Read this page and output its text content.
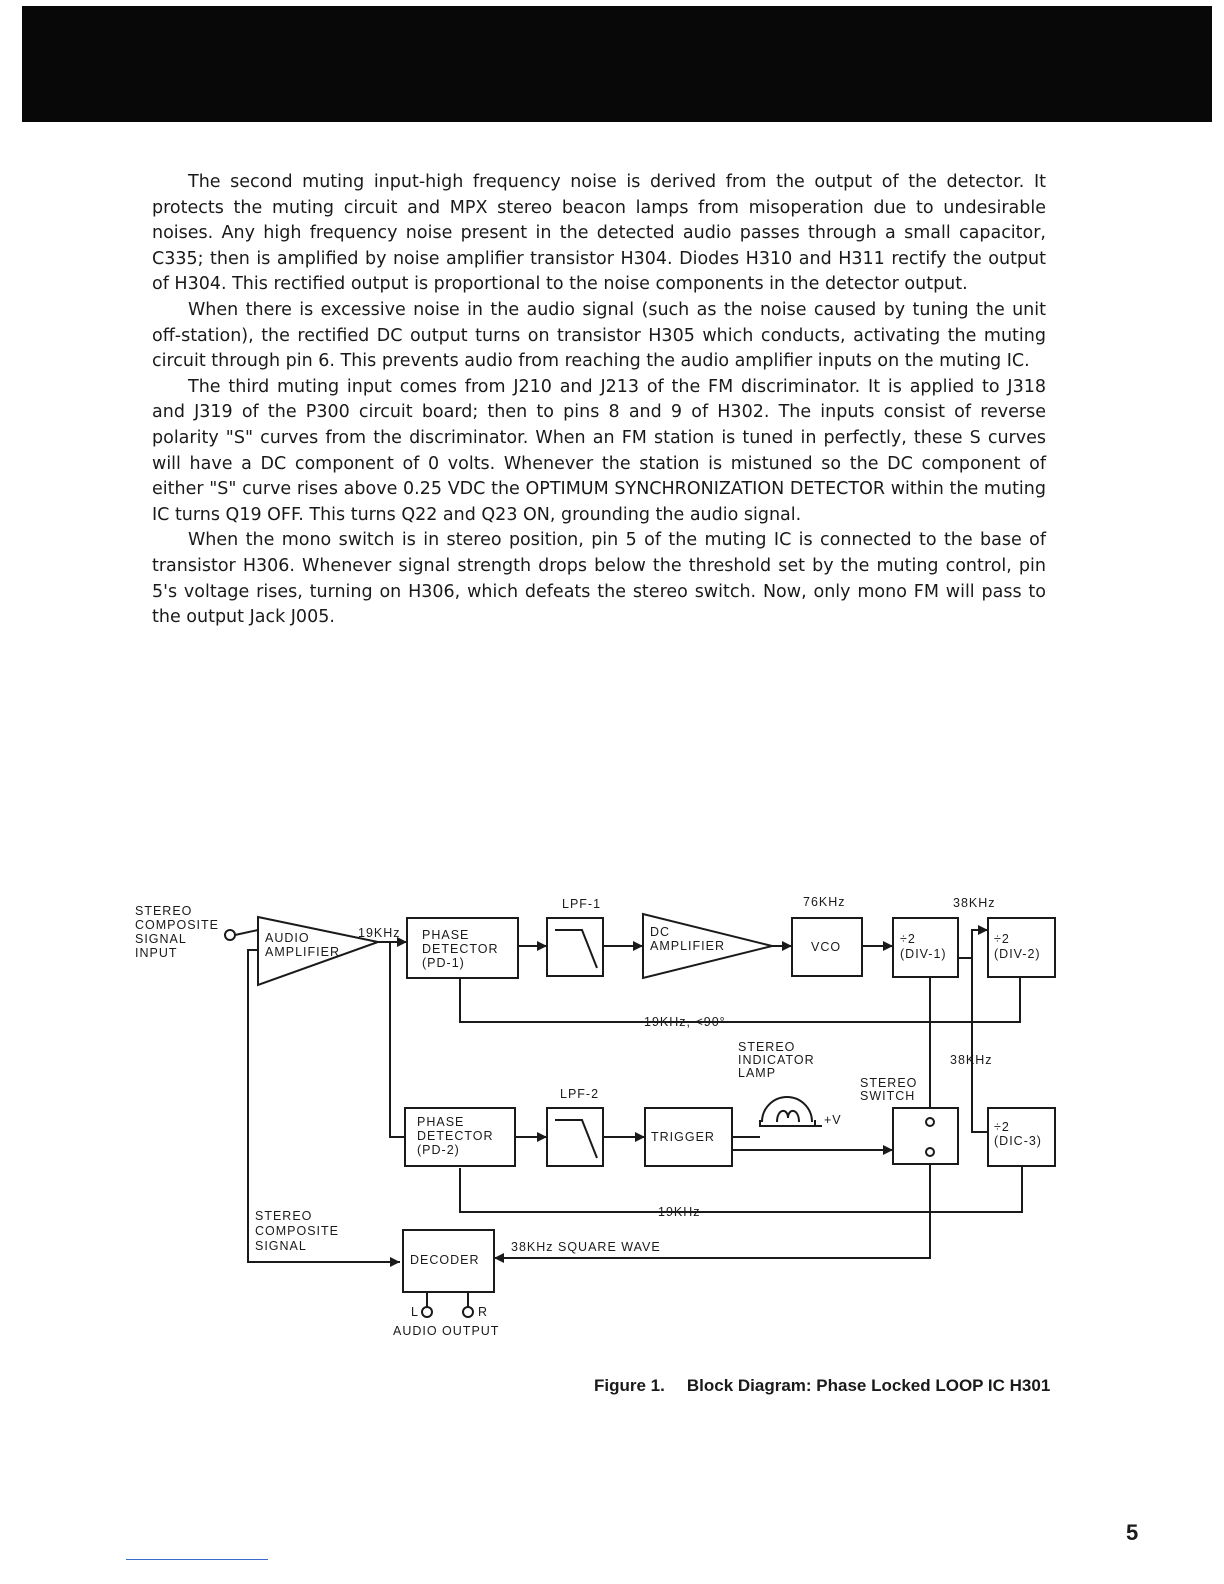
The second muting input-high frequency noise is derived from the output of the detector. It protects the muting circuit and MPX stereo beacon lamps from misoperation due to undesirable noises. Any high frequency noise present in the detected audio passes through a small capacitor, C335; then is amplified by noise amplifier transistor H304. Diodes H310 and H311 rectify the output of H304. This rectified output is proportional to the noise components in the detector output.

When there is excessive noise in the audio signal (such as the noise caused by tuning the unit off-station), the rectified DC output turns on transistor H305 which conducts, activating the muting circuit through pin 6. This prevents audio from reaching the audio amplifier inputs on the muting IC.

The third muting input comes from J210 and J213 of the FM discriminator. It is applied to J318 and J319 of the P300 circuit board; then to pins 8 and 9 of H302. The inputs consist of reverse polarity "S" curves from the discriminator. When an FM station is tuned in perfectly, these S curves will have a DC component of 0 volts. Whenever the station is mistuned so the DC component of either "S" curve rises above 0.25 VDC the OPTIMUM SYNCHRONIZATION DETECTOR within the muting IC turns Q19 OFF. This turns Q22 and Q23 ON, grounding the audio signal.

When the mono switch is in stereo position, pin 5 of the muting IC is connected to the base of transistor H306. Whenever signal strength drops below the threshold set by the muting control, pin 5's voltage rises, turning on H306, which defeats the stereo switch. Now, only mono FM will pass to the output Jack J005.

STEREO
COMPOSITE
SIGNAL
INPUT
AUDIO
AMPLIFIER
19KHz PHASE
DETECTOR
(PD-1)
LPF-1
DC
AMPLIFIER
76KHz
VCO
38KHz
÷2
(DIV-1)
÷2
(DIV-2)
19KHz, <90°
STEREO
INDICATOR
LAMP
38KHz
STEREO
SWITCH
LPF-2
PHASE
DETECTOR
(PD-2)
TRIGGER
+V	÷2
(DIC-3)
19KHz
STEREO
COMPOSITE
SIGNAL
DECODER
38KHz SQUARE WAVE
L	R
AUDIO OUTPUT
Figure 1. Block Diagram: Phase Locked LOOP IC H301
5
